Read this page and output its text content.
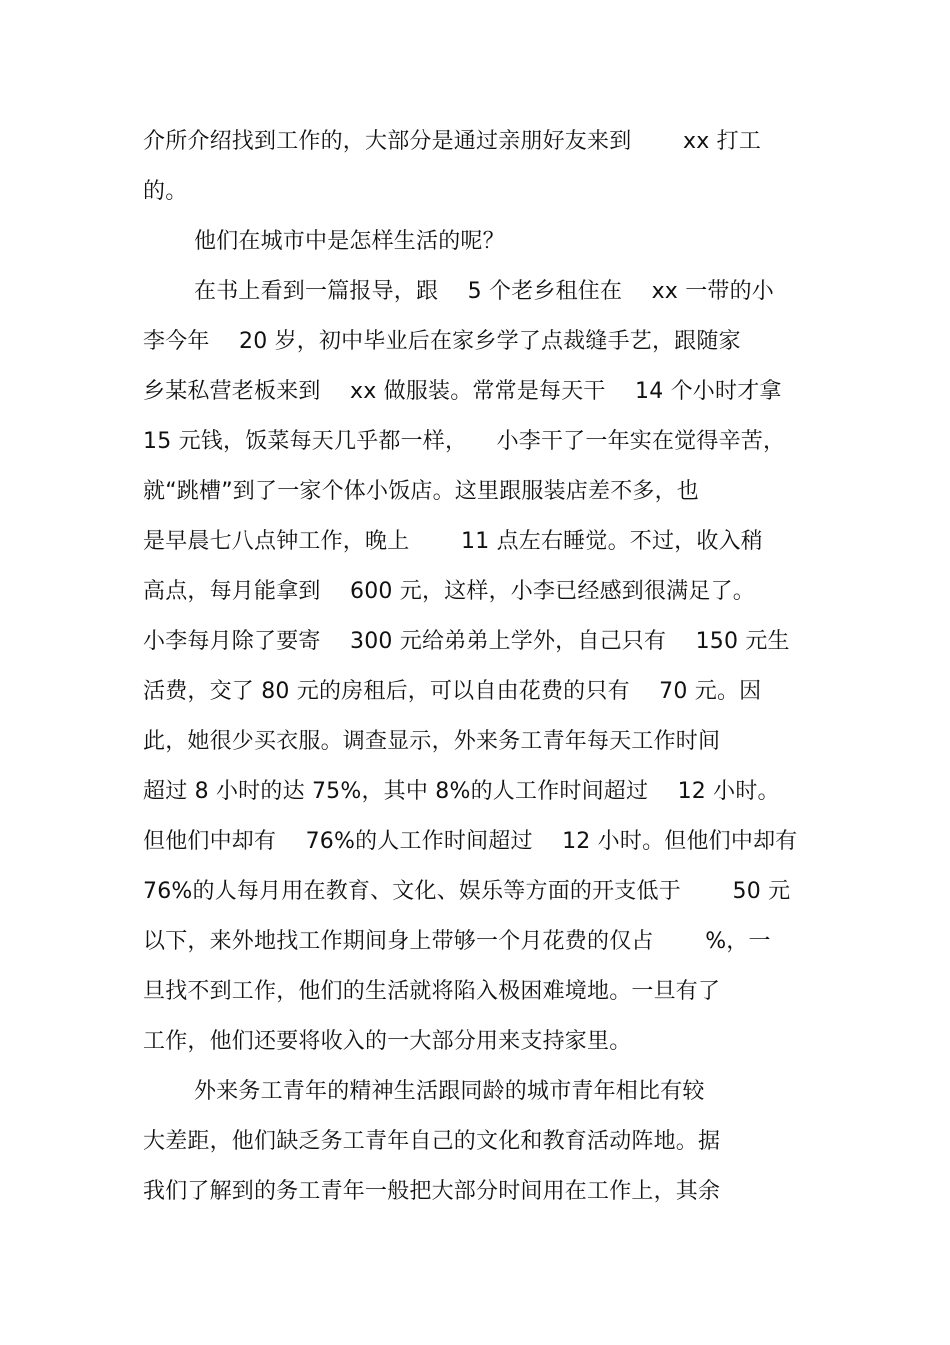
介所介绍找到工作的，大部分是通过亲朋好友来到 　　xx 打工
的。
他们在城市中是怎样生活的呢？
在书上看到一篇报导，跟 　5 个老乡租住在 　xx 一带的小
李今年 　20 岁，初中毕业后在家乡学了点裁缝手艺，跟随家
乡某私营老板来到 　xx 做服装。常常是每天干 　14 个小时才拿
15 元钱，饭菜每天几乎都一样， 　小李干了一年实在觉得辛苦，
就“跳槽”到了一家个体小饭店。这里跟服装店差不多，也
是早晨七八点钟工作，晚上 　　11 点左右睡觉。不过，收入稍
高点，每月能拿到 　600 元，这样，小李已经感到很满足了。
小李每月除了要寄 　300 元给弟弟上学外，自己只有 　150 元生
活费，交了 80 元的房租后，可以自由花费的只有 　70 元。因
此，她很少买衣服。调查显示，外来务工青年每天工作时间
超过 8 小时的达 75%，其中 8%的人工作时间超过 　12 小时。
但他们中却有 　76%的人工作时间超过 　12 小时。但他们中却有
76%的人每月用在教育、文化、娱乐等方面的开支低于 　　50 元
以下，来外地找工作期间身上带够一个月花费的仅占 　　%，一
旦找不到工作，他们的生活就将陷入极困难境地。一旦有了
工作，他们还要将收入的一大部分用来支持家里。
外来务工青年的精神生活跟同龄的城市青年相比有较
大差距，他们缺乏务工青年自己的文化和教育活动阵地。据
我们了解到的务工青年一般把大部分时间用在工作上，其余
